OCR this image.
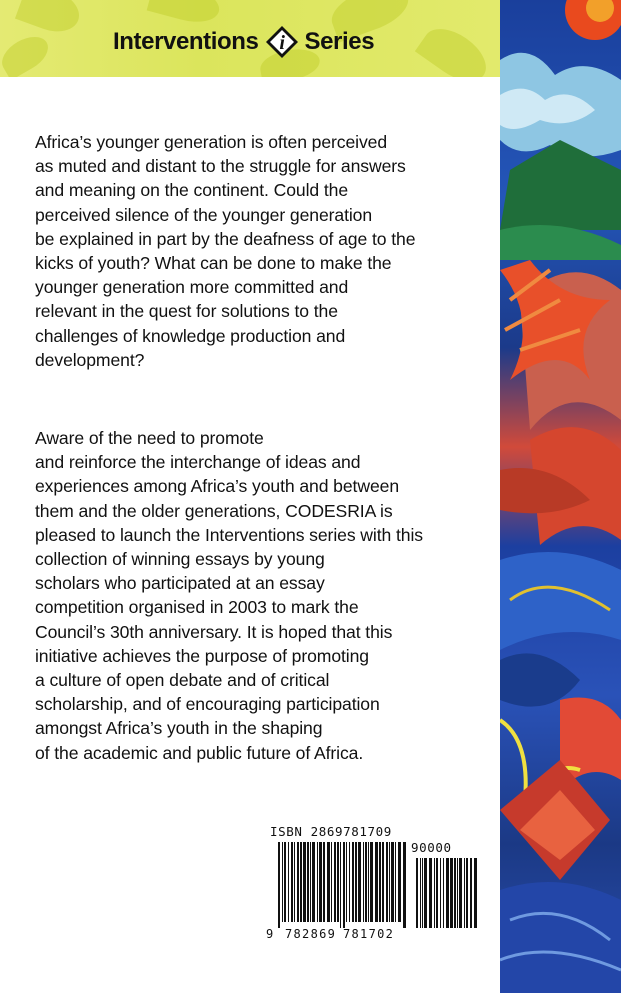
Interventions i Series
Africa’s younger generation is often perceived
as muted and distant to the struggle for answers
and meaning on the continent. Could the
perceived silence of the younger generation
be explained in part by the deafness of age to the
kicks of youth? What can be done to make the
younger generation more committed and
relevant in the quest for solutions to the
challenges of knowledge production and
development?
Aware of the need to promote
and reinforce the interchange of ideas and
experiences among Africa’s youth and between
them and the older generations, CODESRIA is
pleased to launch the Interventions series with this
collection of winning essays by young
scholars who participated at an essay
competition organised in 2003 to mark the
Council’s 30th anniversary. It is hoped that this
initiative achieves the purpose of promoting
a culture of open debate and of critical
scholarship, and of encouraging participation
amongst Africa’s youth in the shaping
of the academic and public future of Africa.
ISBN 2869781709
90000
9 782869 781702
